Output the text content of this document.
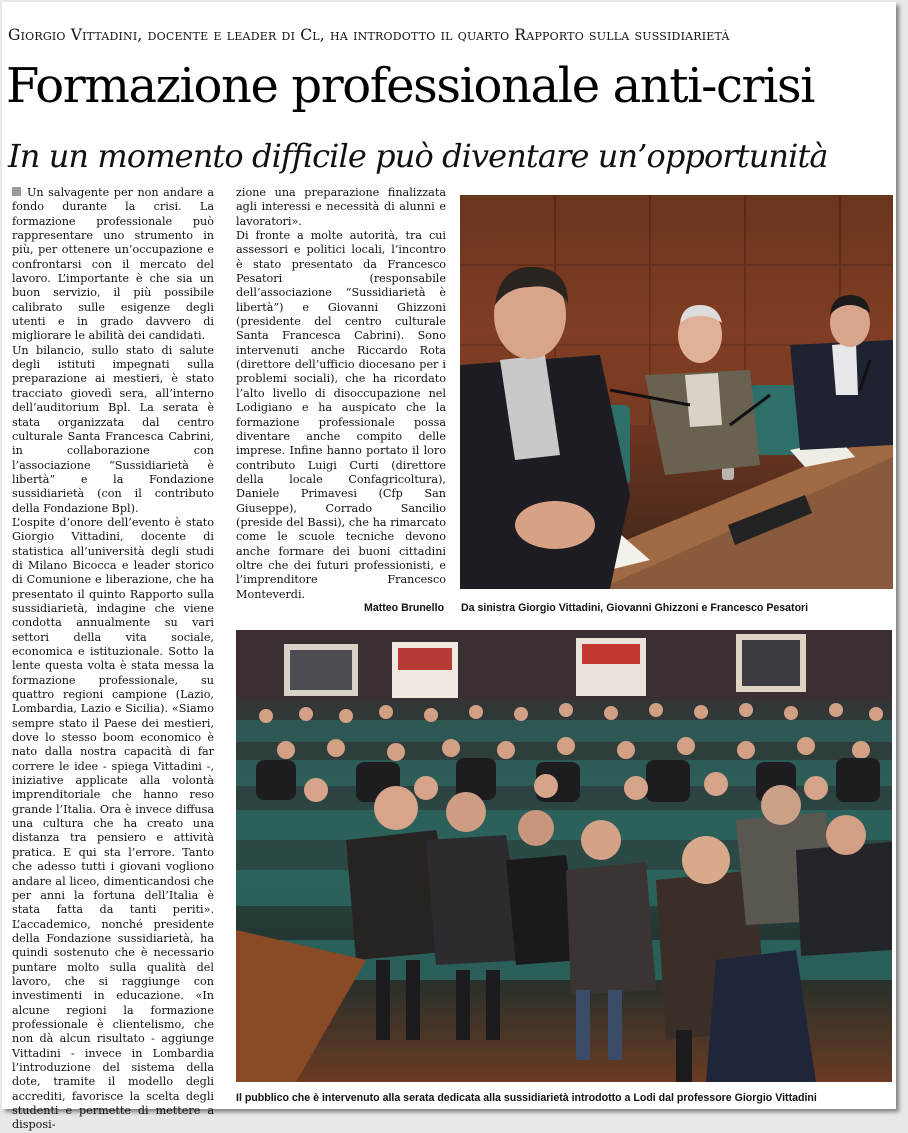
Giorgio Vittadini, docente e leader di Cl, ha introdotto il quarto Rapporto sulla sussidiarietà
Formazione professionale anti-crisi
In un momento difficile può diventare un’opportunità

Un salvagente per non andare a fondo durante la crisi. La formazione professionale può rappresentare uno strumento in più, per ottenere un’occupazione e confrontarsi con il mercato del lavoro. L’importante è che sia un buon servizio, il più possibile calibrato sulle esigenze degli utenti e in grado davvero di migliorare le abilità dei candidati.

Un bilancio, sullo stato di salute degli istituti impegnati sulla preparazione ai mestieri, è stato tracciato giovedì sera, all’interno dell’auditorium Bpl. La serata è stata organizzata dal centro culturale Santa Francesca Cabrini, in collaborazione con l’associazione “Sussidiarietà è libertà” e la Fondazione sussidiarietà (con il contributo della Fondazione Bpl).

L’ospite d’onore dell’evento è stato Giorgio Vittadini, docente di statistica all’università degli studi di Milano Bicocca e leader storico di Comunione e liberazione, che ha presentato il quinto Rapporto sulla sussidiarietà, indagine che viene condotta annualmente su vari settori della vita sociale, economica e istituzionale. Sotto la lente questa volta è stata messa la formazione professionale, su quattro regioni campione (Lazio, Lombardia, Lazio e Sicilia). «Siamo sempre stato il Paese dei mestieri, dove lo stesso boom economico è nato dalla nostra capacità di far correre le idee - spiega Vittadini -, iniziative applicate alla volontà imprenditoriale che hanno reso grande l’Italia. Ora è invece diffusa una cultura che ha creato una distanza tra pensiero e attività pratica. E qui sta l’errore. Tanto che adesso tutti i giovani vogliono andare al liceo, dimenticandosi che per anni la fortuna dell’Italia è stata fatta da tanti periti». L’accademico, nonché presidente della Fondazione sussidiarietà, ha quindi sostenuto che è necessario puntare molto sulla qualità del lavoro, che si raggiunge con investimenti in educazione. «In alcune regioni la formazione professionale è clientelismo, che non dà alcun risultato - aggiunge Vittadini - invece in Lombardia l’introduzione del sistema della dote, tramite il modello degli accrediti, favorisce la scelta degli studenti e permette di mettere a disposi-

zione una preparazione finalizzata agli interessi e necessità di alunni e lavoratori».

Di fronte a molte autorità, tra cui assessori e politici locali, l’incontro è stato presentato da Francesco Pesatori (responsabile dell’associazione “Sussidiarietà è libertà”) e Giovanni Ghizzoni (presidente del centro culturale Santa Francesca Cabrini). Sono intervenuti anche Riccardo Rota (direttore dell’ufficio diocesano per i problemi sociali), che ha ricordato l’alto livello di disoccupazione nel Lodigiano e ha auspicato che la formazione professionale possa diventare anche compito delle imprese. Infine hanno portato il loro contributo Luigi Curti (direttore della locale Confagricoltura), Daniele Primavesi (Cfp San Giuseppe), Corrado Sancilio (preside del Bassi), che ha rimarcato come le scuole tecniche devono anche formare dei buoni cittadini oltre che dei futuri professionisti, e l’imprenditore Francesco Monteverdi.

Matteo Brunello Da sinistra Giorgio Vittadini, Giovanni Ghizzoni e Francesco Pesatori
Il pubblico che è intervenuto alla serata dedicata alla sussidiarietà introdotto a Lodi dal professore Giorgio Vittadini
